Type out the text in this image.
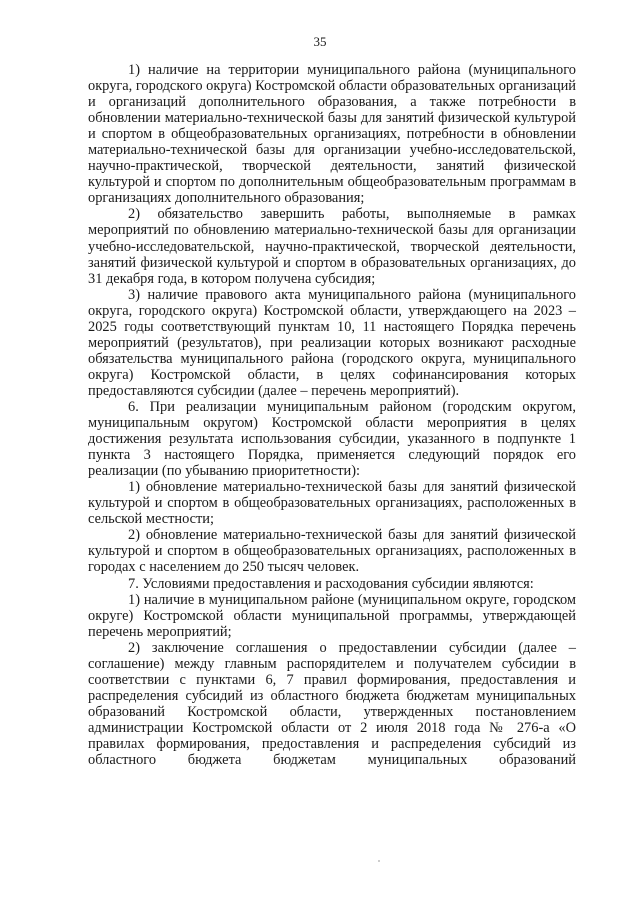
35

1) наличие на территории муниципального района (муниципального округа, городского округа) Костромской области образовательных организаций и организаций дополнительного образования, а также потребности в обновлении материально-технической базы для занятий физической культурой и спортом в общеобразовательных организациях, потребности в обновлении материально-технической базы для организации учебно-исследовательской, научно-практической, творческой деятельности, занятий физической культурой и спортом по дополнительным общеобразовательным программам в организациях дополнительного образования;

2) обязательство завершить работы, выполняемые в рамках мероприятий по обновлению материально-технической базы для организации учебно-исследовательской, научно-практической, творческой деятельности, занятий физической культурой и спортом в образовательных организациях, до 31 декабря года, в котором получена субсидия;

3) наличие правового акта муниципального района (муниципального округа, городского округа) Костромской области, утверждающего на 2023 – 2025 годы соответствующий пунктам 10, 11 настоящего Порядка перечень мероприятий (результатов), при реализации которых возникают расходные обязательства муниципального района (городского округа, муниципального округа) Костромской области, в целях софинансирования которых предоставляются субсидии (далее – перечень мероприятий).

6. При реализации муниципальным районом (городским округом, муниципальным округом) Костромской области мероприятия в целях достижения результата использования субсидии, указанного в подпункте 1 пункта 3 настоящего Порядка, применяется следующий порядок его реализации (по убыванию приоритетности):

1) обновление материально-технической базы для занятий физической культурой и спортом в общеобразовательных организациях, расположенных в сельской местности;

2) обновление материально-технической базы для занятий физической культурой и спортом в общеобразовательных организациях, расположенных в городах с населением до 250 тысяч человек.

7. Условиями предоставления и расходования субсидии являются:

1) наличие в муниципальном районе (муниципальном округе, городском округе) Костромской области муниципальной программы, утверждающей перечень мероприятий;

2) заключение соглашения о предоставлении субсидии (далее – соглашение) между главным распорядителем и получателем субсидии в соответствии с пунктами 6, 7 правил формирования, предоставления и распределения субсидий из областного бюджета бюджетам муниципальных образований Костромской области, утвержденных постановлением администрации Костромской области от 2 июля 2018 года № 276-а «О правилах формирования, предоставления и распределения субсидий из областного бюджета бюджетам муниципальных образований
